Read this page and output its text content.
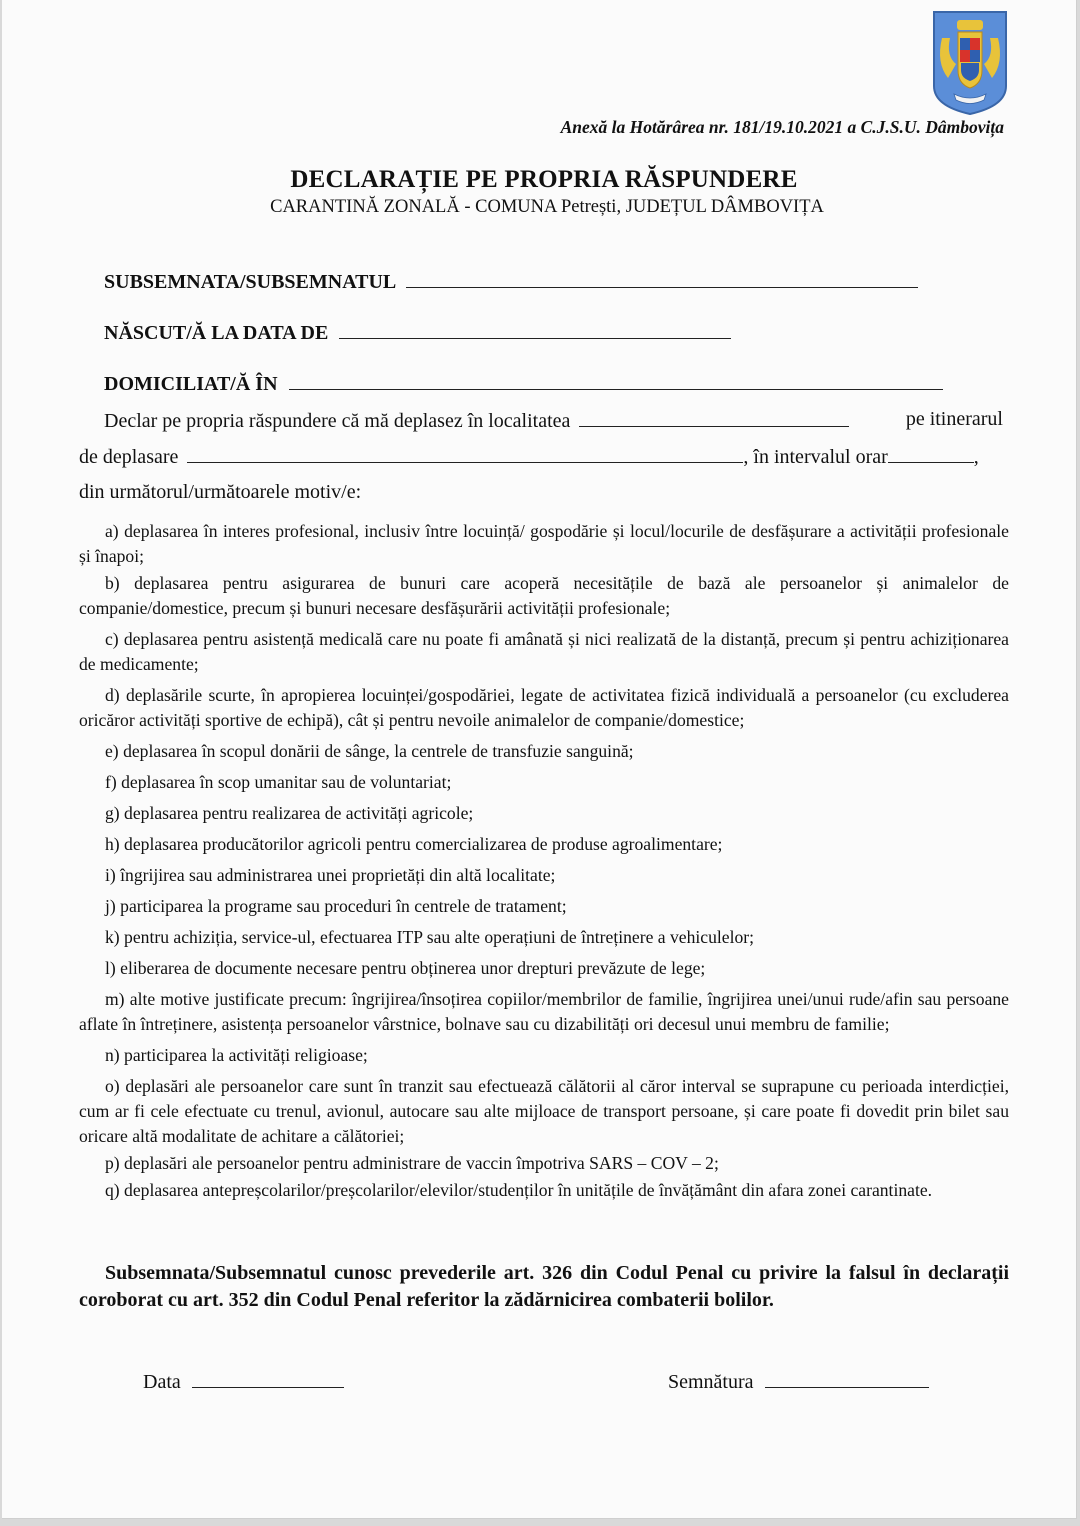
Anexă la Hotărârea nr. 181/19.10.2021 a C.J.S.U. Dâmbovița
DECLARAȚIE PE PROPRIA RĂSPUNDERE
CARANTINĂ ZONALĂ - COMUNA Petrești, JUDEȚUL DÂMBOVIȚA
SUBSEMNATA/SUBSEMNATUL
NĂSCUT/Ă LA DATA DE
DOMICILIAT/Ă ÎN
Declar pe propria răspundere că mă deplasez în localitatea	pe itinerarul
de deplasare	, în intervalul orar	,
din următorul/următoarele motiv/e:
a) deplasarea în interes profesional, inclusiv între locuință/ gospodărie și locul/locurile de desfășurare a activității profesionale și înapoi;
b) deplasarea pentru asigurarea de bunuri care acoperă necesitățile de bază ale persoanelor și animalelor de companie/domestice, precum și bunuri necesare desfășurării activității profesionale;
c) deplasarea pentru asistență medicală care nu poate fi amânată și nici realizată de la distanță, precum și pentru achiziționarea de medicamente;
d) deplasările scurte, în apropierea locuinței/gospodăriei, legate de activitatea fizică individuală a persoanelor (cu excluderea oricăror activități sportive de echipă), cât și pentru nevoile animalelor de companie/domestice;
e) deplasarea în scopul donării de sânge, la centrele de transfuzie sanguină;
f) deplasarea în scop umanitar sau de voluntariat;
g) deplasarea pentru realizarea de activități agricole;
h) deplasarea producătorilor agricoli pentru comercializarea de produse agroalimentare;
i) îngrijirea sau administrarea unei proprietăți din altă localitate;
j) participarea la programe sau proceduri în centrele de tratament;
k) pentru achiziția, service-ul, efectuarea ITP sau alte operațiuni de întreținere a vehiculelor;
l) eliberarea de documente necesare pentru obținerea unor drepturi prevăzute de lege;
m) alte motive justificate precum: îngrijirea/însoțirea copiilor/membrilor de familie, îngrijirea unei/unui rude/afin sau persoane aflate în întreținere, asistența persoanelor vârstnice, bolnave sau cu dizabilități ori decesul unui membru de familie;
n) participarea la activități religioase;
o) deplasări ale persoanelor care sunt în tranzit sau efectuează călătorii al căror interval se suprapune cu perioada interdicției, cum ar fi cele efectuate cu trenul, avionul, autocare sau alte mijloace de transport persoane, și care poate fi dovedit prin bilet sau oricare altă modalitate de achitare a călătoriei;
p) deplasări ale persoanelor pentru administrare de vaccin împotriva SARS – COV – 2;
q) deplasarea antepreșcolarilor/preșcolarilor/elevilor/studenților în unitățile de învățământ din afara zonei carantinate.
Subsemnata/Subsemnatul cunosc prevederile art. 326 din Codul Penal cu privire la falsul în declarații coroborat cu art. 352 din Codul Penal referitor la zădărnicirea combaterii bolilor.
Data	Semnătura
